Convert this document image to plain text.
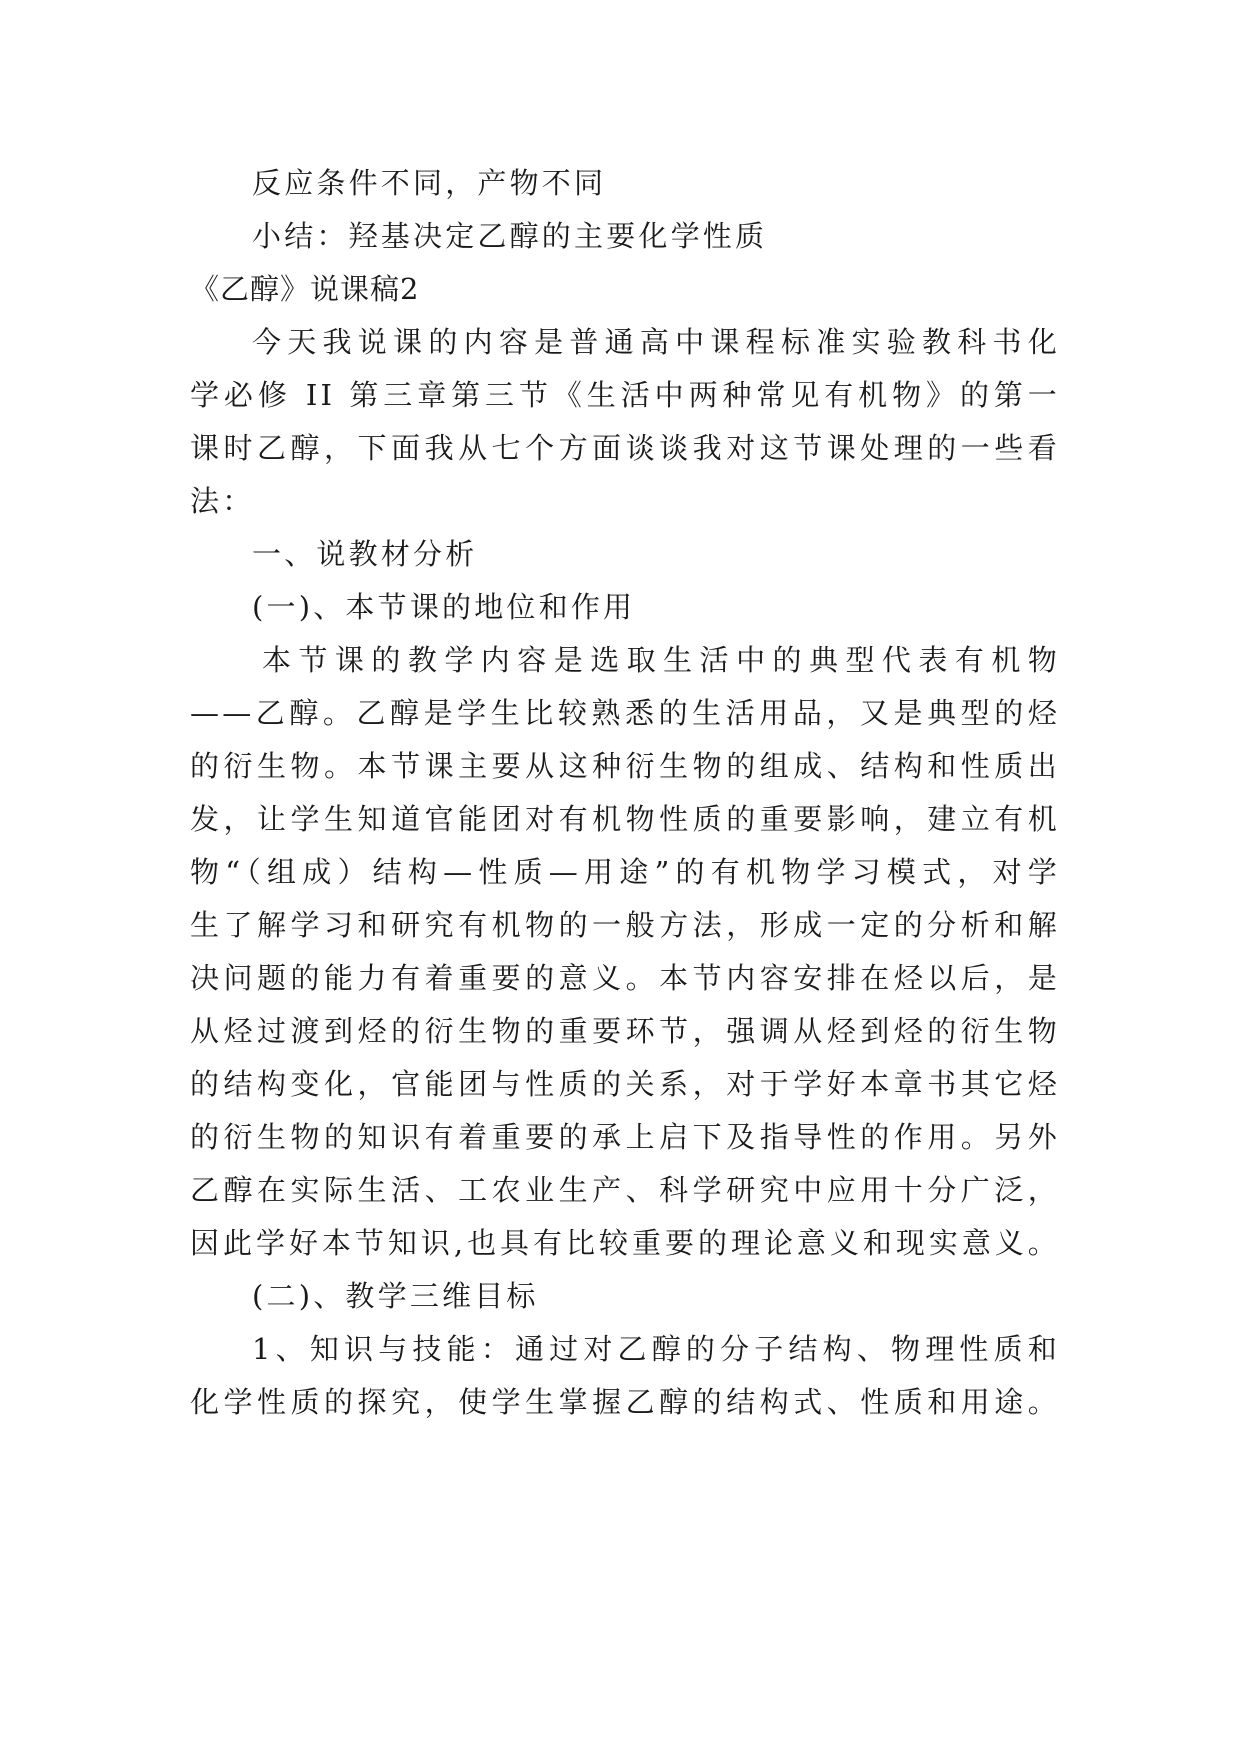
反应条件不同，产物不同
小结：羟基决定乙醇的主要化学性质
《乙醇》说课稿2
今天我说课的内容是普通高中课程标准实验教科书化
学必修 II 第三章第三节《生活中两种常见有机物》的第一
课时乙醇，下面我从七个方面谈谈我对这节课处理的一些看
法：
一、说教材分析
(一)、本节课的地位和作用
本节课的教学内容是选取生活中的典型代表有机物
——乙醇。乙醇是学生比较熟悉的生活用品，又是典型的烃
的衍生物。本节课主要从这种衍生物的组成、结构和性质出
发，让学生知道官能团对有机物性质的重要影响，建立有机
物“（组成）结构—性质—用途”的有机物学习模式，对学
生了解学习和研究有机物的一般方法，形成一定的分析和解
决问题的能力有着重要的意义。本节内容安排在烃以后，是
从烃过渡到烃的衍生物的重要环节，强调从烃到烃的衍生物
的结构变化，官能团与性质的关系，对于学好本章书其它烃
的衍生物的知识有着重要的承上启下及指导性的作用。另外
乙醇在实际生活、工农业生产、科学研究中应用十分广泛，
因此学好本节知识,也具有比较重要的理论意义和现实意义。
(二)、教学三维目标
1、知识与技能：通过对乙醇的分子结构、物理性质和
化学性质的探究，使学生掌握乙醇的结构式、性质和用途。
